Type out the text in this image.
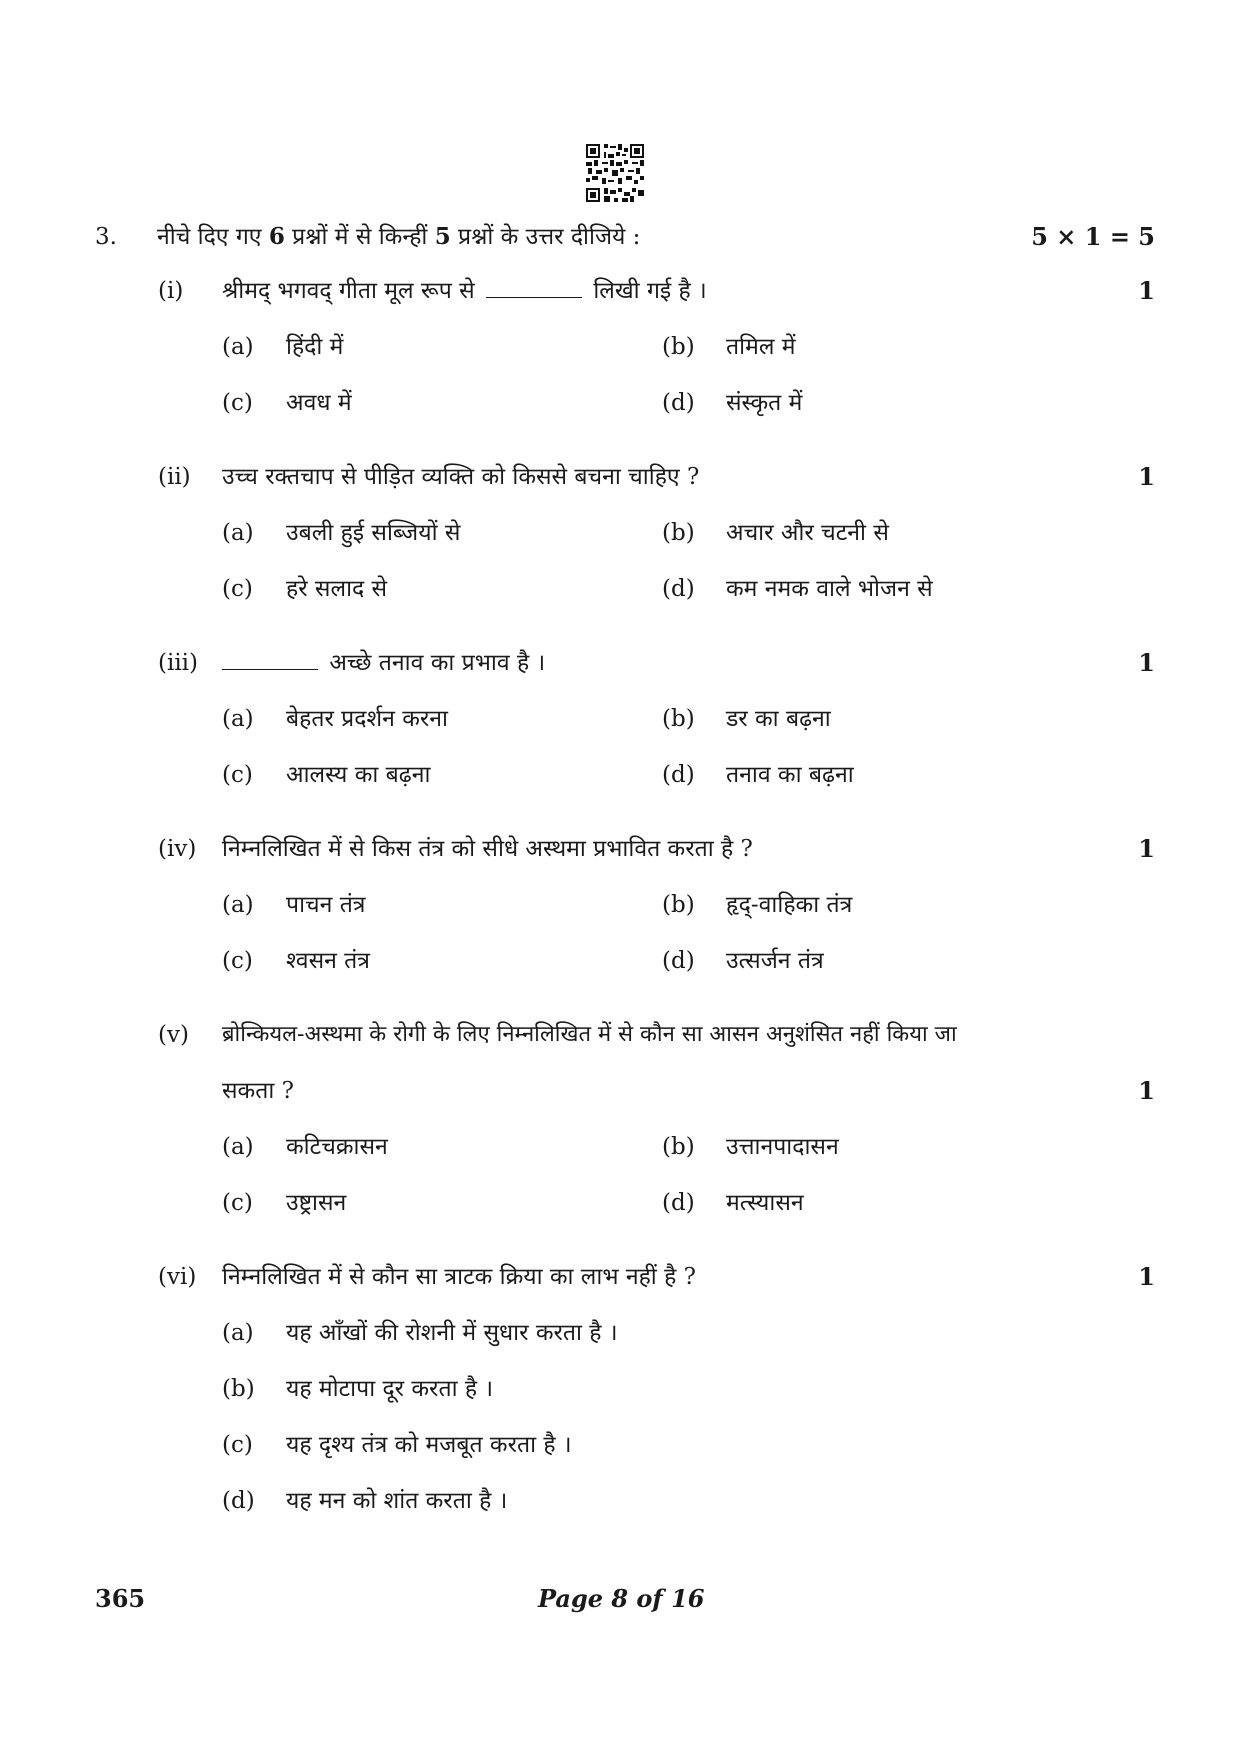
3. नीचे दिए गए 6 प्रश्नों में से किन्हीं 5 प्रश्नों के उत्तर दीजिये :	5 × 1 = 5
(i) श्रीमद् भगवद् गीता मूल रूप से	लिखी गई है ।	1
(a) हिंदी में	(b) तमिल में
(c) अवध में	(d) संस्कृत में
(ii) उच्च रक्तचाप से पीड़ित व्यक्ति को किससे बचना चाहिए ?	1
(a) उबली हुई सब्जियों से	(b) अचार और चटनी से
(c) हरे सलाद से	(d) कम नमक वाले भोजन से
(iii)	अच्छे तनाव का प्रभाव है ।	1
(a) बेहतर प्रदर्शन करना	(b) डर का बढ़ना
(c) आलस्य का बढ़ना	(d) तनाव का बढ़ना
(iv) निम्नलिखित में से किस तंत्र को सीधे अस्थमा प्रभावित करता है ?	1
(a) पाचन तंत्र	(b) हृद्-वाहिका तंत्र
(c) श्वसन तंत्र	(d) उत्सर्जन तंत्र
(v) ब्रोन्कियल-अस्थमा के रोगी के लिए निम्नलिखित में से कौन सा आसन अनुशंसित नहीं किया जा
सकता ?	1
(a) कटिचक्रासन	(b) उत्तानपादासन
(c) उष्ट्रासन	(d) मत्स्यासन
(vi) निम्नलिखित में से कौन सा त्राटक क्रिया का लाभ नहीं है ?	1
(a) यह आँखों की रोशनी में सुधार करता है ।
(b) यह मोटापा दूर करता है ।
(c) यह दृश्य तंत्र को मजबूत करता है ।
(d) यह मन को शांत करता है ।
365	Page 8 of 16
